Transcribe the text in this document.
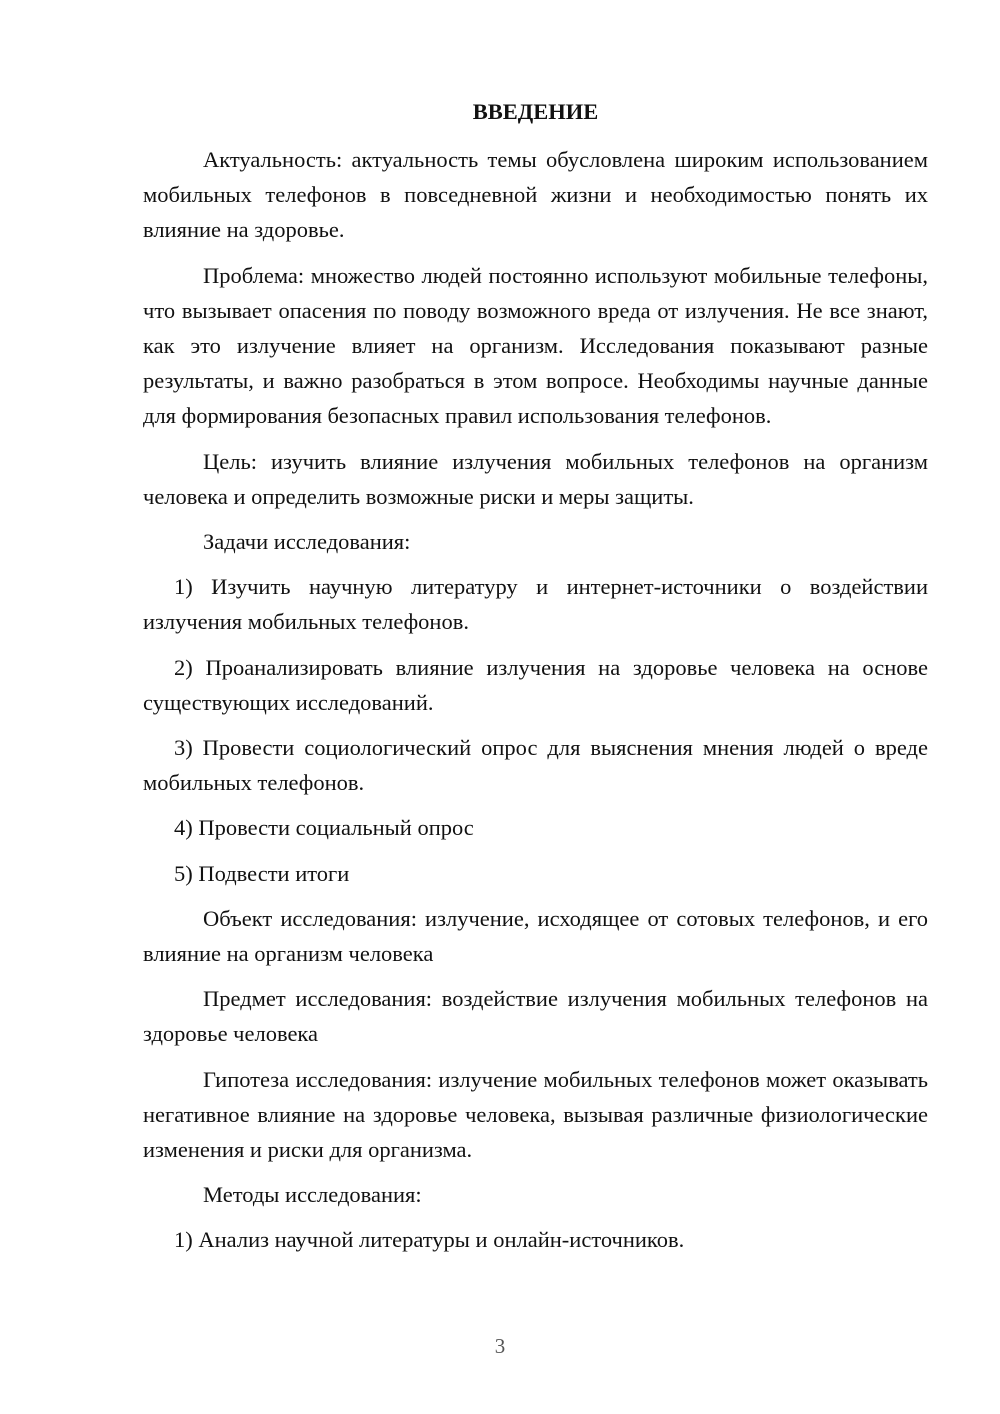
ВВЕДЕНИЕ

Актуальность: актуальность темы обусловлена широким использованием мобильных телефонов в повседневной жизни и необходимостью понять их влияние на здоровье.

Проблема: множество людей постоянно используют мобильные телефоны, что вызывает опасения по поводу возможного вреда от излучения. Не все знают, как это излучение влияет на организм. Исследования показывают разные результаты, и важно разобраться в этом вопросе. Необходимы научные данные для формирования безопасных правил использования телефонов.

Цель: изучить влияние излучения мобильных телефонов на организм человека и определить возможные риски и меры защиты.

Задачи исследования:

1) Изучить научную литературу и интернет-источники о воздействии излучения мобильных телефонов.

2) Проанализировать влияние излучения на здоровье человека на основе существующих исследований.

3) Провести социологический опрос для выяснения мнения людей о вреде мобильных телефонов.

4) Провести социальный опрос

5) Подвести итоги

Объект исследования: излучение, исходящее от сотовых телефонов, и его влияние на организм человека

Предмет исследования: воздействие излучения мобильных телефонов на здоровье человека

Гипотеза исследования: излучение мобильных телефонов может оказывать негативное влияние на здоровье человека, вызывая различные физиологические изменения и риски для организма.

Методы исследования:

1) Анализ научной литературы и онлайн-источников.

3
